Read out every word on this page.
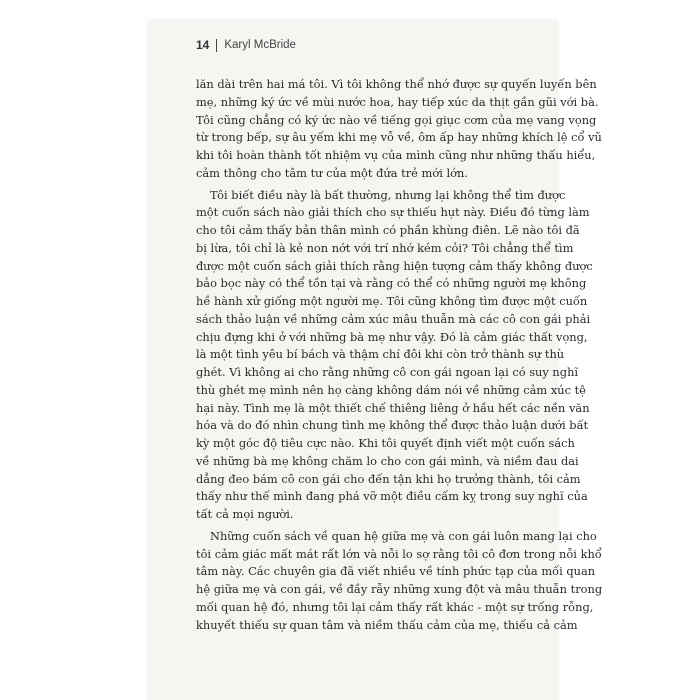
14 Karyl McBride
lăn dài trên hai má tôi. Vì tôi không thể nhớ được sự quyến luyến bên
mẹ, những ký ức về mùi nước hoa, hay tiếp xúc da thịt gần gũi với bà.
Tôi cũng chẳng có ký ức nào về tiếng gọi giục cơm của mẹ vang vọng
từ trong bếp, sự âu yếm khi mẹ vỗ về, ôm ấp hay những khích lệ cổ vũ
khi tôi hoàn thành tốt nhiệm vụ của mình cũng như những thấu hiểu,
cảm thông cho tâm tư của một đứa trẻ mới lớn.
Tôi biết điều này là bất thường, nhưng lại không thể tìm được
một cuốn sách nào giải thích cho sự thiếu hụt này. Điều đó từng làm
cho tôi cảm thấy bản thân mình có phần khùng điên. Lẽ nào tôi đã
bị lừa, tôi chỉ là kẻ non nớt với trí nhớ kém cỏi? Tôi chẳng thể tìm
được một cuốn sách giải thích rằng hiện tượng cảm thấy không được
bảo bọc này có thể tồn tại và rằng có thể có những người mẹ không
hề hành xử giống một người mẹ. Tôi cũng không tìm được một cuốn
sách thảo luận về những cảm xúc mâu thuẫn mà các cô con gái phải
chịu đựng khi ở với những bà mẹ như vậy. Đó là cảm giác thất vọng,
là một tình yêu bí bách và thậm chí đôi khi còn trở thành sự thù
ghét. Vì không ai cho rằng những cô con gái ngoan lại có suy nghĩ
thù ghét mẹ mình nên họ càng không dám nói về những cảm xúc tệ
hại này. Tình mẹ là một thiết chế thiêng liêng ở hầu hết các nền văn
hóa và do đó nhìn chung tình mẹ không thể được thảo luận dưới bất
kỳ một góc độ tiêu cực nào. Khi tôi quyết định viết một cuốn sách
về những bà mẹ không chăm lo cho con gái mình, và niềm đau dai
dẳng đeo bám cô con gái cho đến tận khi họ trưởng thành, tôi cảm
thấy như thế mình đang phá vỡ một điều cấm kỵ trong suy nghĩ của
tất cả mọi người.
Những cuốn sách về quan hệ giữa mẹ và con gái luôn mang lại cho
tôi cảm giác mất mát rất lớn và nỗi lo sợ rằng tôi cô đơn trong nỗi khổ
tâm này. Các chuyên gia đã viết nhiều về tính phức tạp của mối quan
hệ giữa mẹ và con gái, về đầy rẫy những xung đột và mâu thuẫn trong
mối quan hệ đó, nhưng tôi lại cảm thấy rất khác - một sự trống rỗng,
khuyết thiếu sự quan tâm và niềm thấu cảm của mẹ, thiếu cả cảm
